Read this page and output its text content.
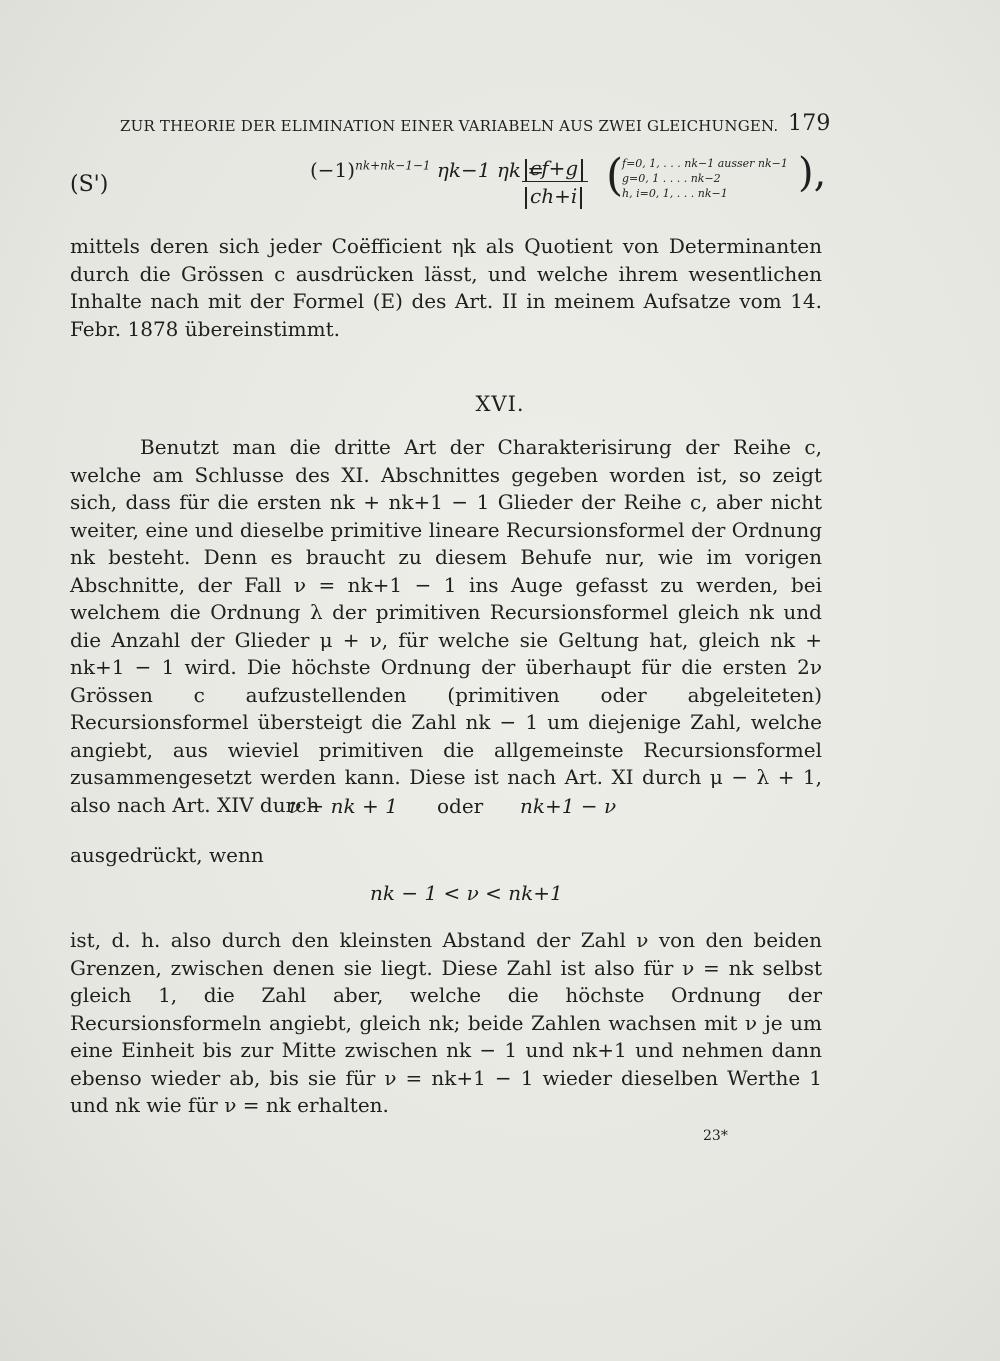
ZUR THEORIE DER ELIMINATION EINER VARIABELN AUS ZWEI GLEICHUNGEN. 179
(S')
$(-1)^{nk+nk-1-1}$ ηk−1 ηk =
cf+g
ch+i (
f=0, 1, . . . nk−1 ausser nk−1
g=0, 1 . . . . nk−2
h, i=0, 1, . . . nk−1	),

mittels deren sich jeder Coëfficient ηk als Quotient von Determinanten durch die Grössen c ausdrücken lässt, und welche ihrem wesentlichen Inhalte nach mit der Formel (E) des Art. II in meinem Aufsatze vom 14. Febr. 1878 übereinstimmt.

XVI.

Benutzt man die dritte Art der Charakterisirung der Reihe c, welche am Schlusse des XI. Abschnittes gegeben worden ist, so zeigt sich, dass für die ersten nk + nk+1 − 1 Glieder der Reihe c, aber nicht weiter, eine und dieselbe primitive lineare Recursionsformel der Ordnung nk besteht. Denn es braucht zu diesem Behufe nur, wie im vorigen Abschnitte, der Fall ν = nk+1 − 1 ins Auge gefasst zu werden, bei welchem die Ordnung λ der primitiven Recursionsformel gleich nk und die Anzahl der Glieder μ + ν, für welche sie Geltung hat, gleich nk + nk+1 − 1 wird. Die höchste Ordnung der überhaupt für die ersten 2ν Grössen c aufzustellenden (primitiven oder abgeleiteten) Recursionsformel übersteigt die Zahl nk − 1 um diejenige Zahl, welche angiebt, aus wieviel primitiven die allgemeinste Recursionsformel zusammengesetzt werden kann. Diese ist nach Art. XI durch μ − λ + 1, also nach Art. XIV durch

ν − nk + 1 oder nk+1 − ν

ausgedrückt, wenn

nk − 1 < ν < nk+1

ist, d. h. also durch den kleinsten Abstand der Zahl ν von den beiden Grenzen, zwischen denen sie liegt. Diese Zahl ist also für ν = nk selbst gleich 1, die Zahl aber, welche die höchste Ordnung der Recursionsformeln angiebt, gleich nk; beide Zahlen wachsen mit ν je um eine Einheit bis zur Mitte zwischen nk − 1 und nk+1 und nehmen dann ebenso wieder ab, bis sie für ν = nk+1 − 1 wieder dieselben Werthe 1 und nk wie für ν = nk erhalten.

23*
